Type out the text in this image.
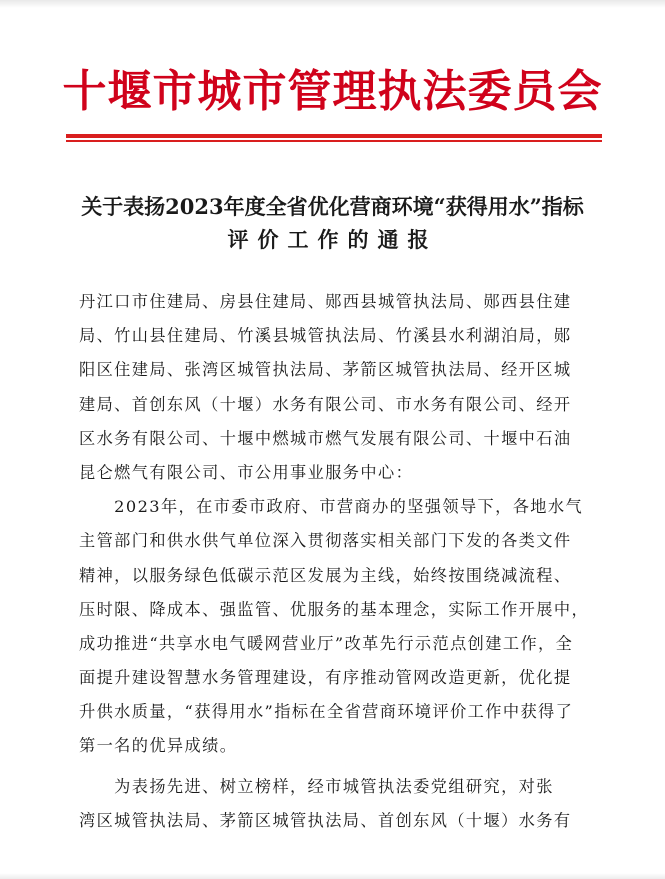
十堰市城市管理执法委员会
关于表扬2023年度全省优化营商环境“获得用水”指标
评价工作的通报
丹江口市住建局、房县住建局、郧西县城管执法局、郧西县住建
局、竹山县住建局、竹溪县城管执法局、竹溪县水利湖泊局，郧
阳区住建局、张湾区城管执法局、茅箭区城管执法局、经开区城
建局、首创东风（十堰）水务有限公司、市水务有限公司、经开
区水务有限公司、十堰中燃城市燃气发展有限公司、十堰中石油
昆仑燃气有限公司、市公用事业服务中心：
　　2023年，在市委市政府、市营商办的坚强领导下，各地水气
主管部门和供水供气单位深入贯彻落实相关部门下发的各类文件
精神，以服务绿色低碳示范区发展为主线，始终按围绕减流程、
压时限、降成本、强监管、优服务的基本理念，实际工作开展中，
成功推进“共享水电气暖网营业厅”改革先行示范点创建工作，全
面提升建设智慧水务管理建设，有序推动管网改造更新，优化提
升供水质量，“获得用水”指标在全省营商环境评价工作中获得了
第一名的优异成绩。
　　为表扬先进、树立榜样，经市城管执法委党组研究，对张
湾区城管执法局、茅箭区城管执法局、首创东风（十堰）水务有
